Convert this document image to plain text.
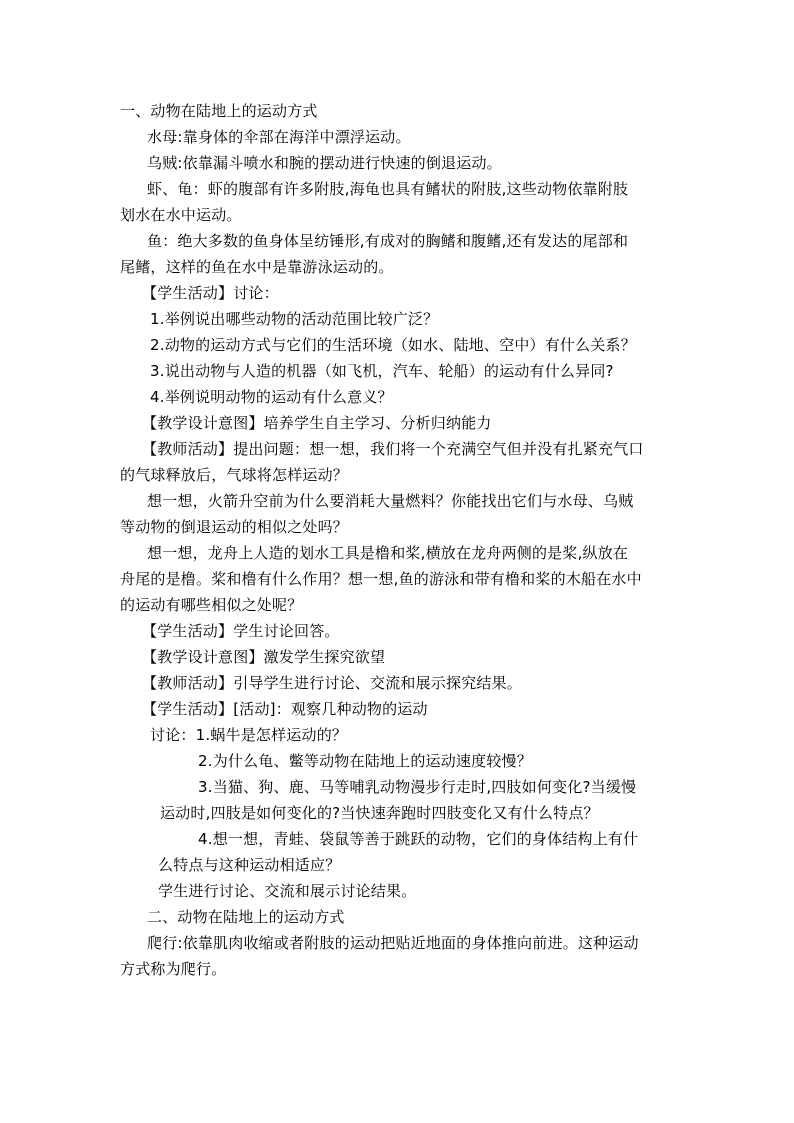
一、动物在陆地上的运动方式
水母:靠身体的伞部在海洋中漂浮运动。
乌贼:依靠漏斗喷水和腕的摆动进行快速的倒退运动。
虾、龟：虾的腹部有许多附肢,海龟也具有鳍状的附肢,这些动物依靠附肢
划水在水中运动。
鱼：绝大多数的鱼身体呈纺锤形,有成对的胸鳍和腹鳍,还有发达的尾部和
尾鳍，这样的鱼在水中是靠游泳运动的。
【学生活动】讨论：
1.举例说出哪些动物的活动范围比较广泛？
2.动物的运动方式与它们的生活环境（如水、陆地、空中）有什么关系？
3.说出动物与人造的机器（如飞机，汽车、轮船）的运动有什么异同?
4.举例说明动物的运动有什么意义？
【教学设计意图】培养学生自主学习、分析归纳能力
【教师活动】提出问题：想一想，我们将一个充满空气但并没有扎紧充气口
的气球释放后，气球将怎样运动？
想一想，火箭升空前为什么要消耗大量燃料？你能找出它们与水母、乌贼
等动物的倒退运动的相似之处吗？
想一想，龙舟上人造的划水工具是橹和桨,横放在龙舟两侧的是桨,纵放在
舟尾的是橹。桨和橹有什么作用？想一想,鱼的游泳和带有橹和桨的木船在水中
的运动有哪些相似之处呢？
【学生活动】学生讨论回答。
【教学设计意图】激发学生探究欲望
【教师活动】引导学生进行讨论、交流和展示探究结果。
【学生活动】[活动]：观察几种动物的运动
讨论：1.蜗牛是怎样运动的？
2.为什么龟、鳖等动物在陆地上的运动速度较慢？
3.当猫、狗、鹿、马等哺乳动物漫步行走时,四肢如何变化?当缓慢
运动时,四肢是如何变化的?当快速奔跑时四肢变化又有什么特点？
4.想一想，青蛙、袋鼠等善于跳跃的动物，它们的身体结构上有什
么特点与这种运动相适应？
学生进行讨论、交流和展示讨论结果。
二、动物在陆地上的运动方式
爬行:依靠肌肉收缩或者附肢的运动把贴近地面的身体推向前进。这种运动
方式称为爬行。
